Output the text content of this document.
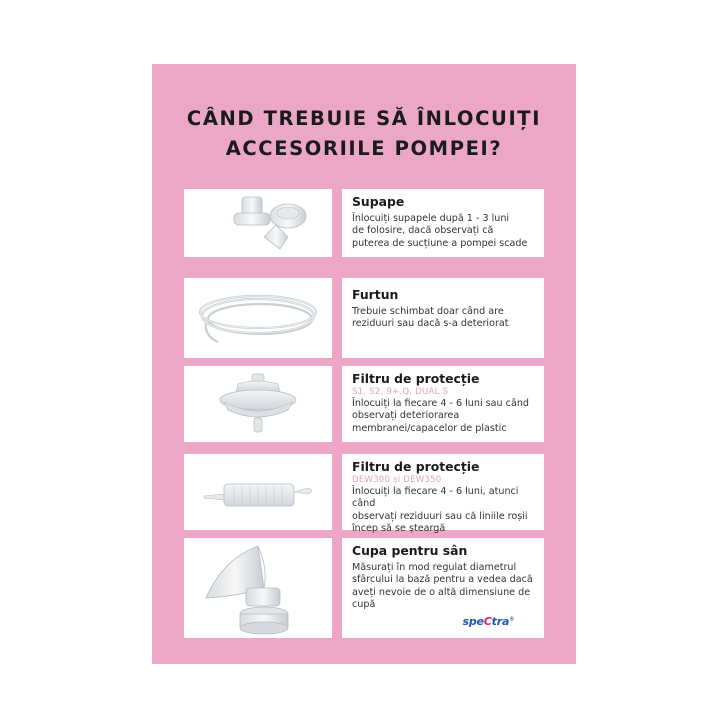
CÂND TREBUIE SĂ ÎNLOCUIȚI
ACCESORIILE POMPEI?
Supape
Înlocuiți supapele după 1 - 3 luni
de folosire, dacă observați că
puterea de sucțiune a pompei scade
Furtun
Trebuie schimbat doar când are
reziduuri sau dacă s-a deteriorat
Filtru de protecție
S1, S2, 9+,Q, DUAL S
Înlocuiți la fiecare 4 - 6 luni sau când
observați deteriorarea
membranei/capacelor de plastic
Filtru de protecție
DEW300 și DEW350
Înlocuiți la fiecare 4 - 6 luni, atunci când
observați reziduuri sau că liniile roșii
încep să se șteargă
Cupa pentru sân
Măsurați în mod regulat diametrul
sfârcului la bază pentru a vedea dacă
aveți nevoie de o altă dimensiune de
cupă
speCtra®
